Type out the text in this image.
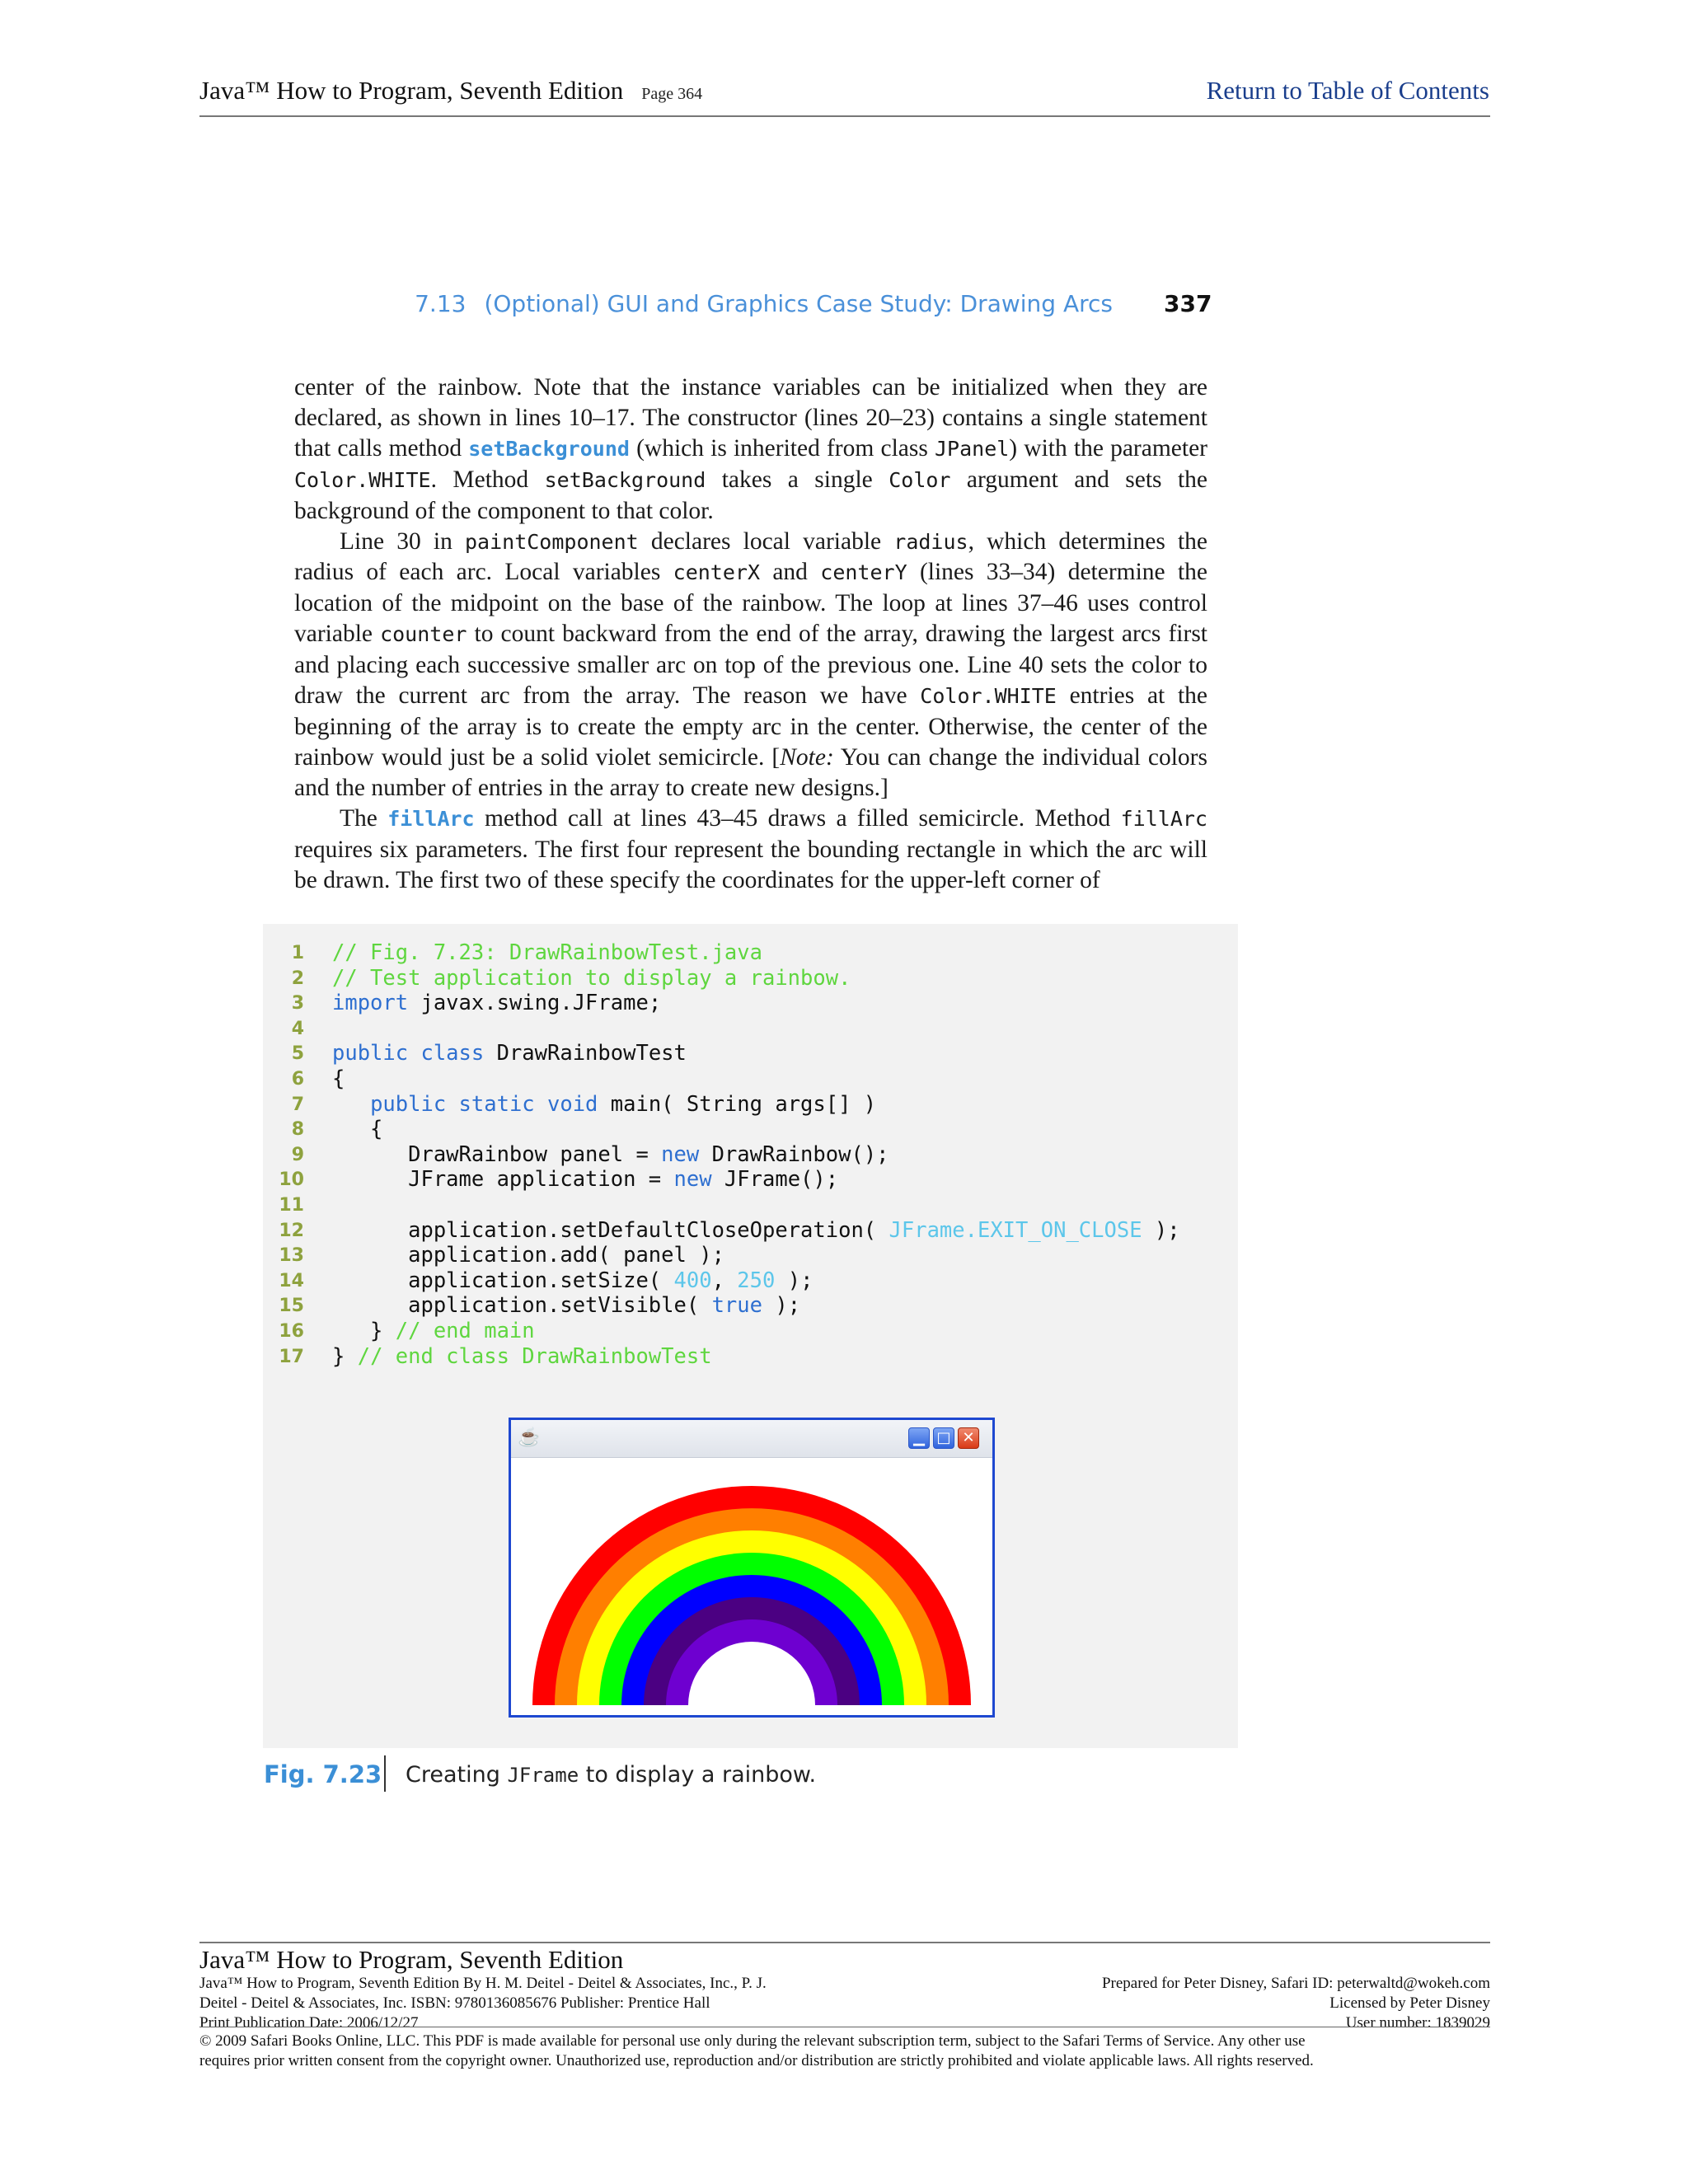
Java™ How to Program, Seventh Edition Page 364	Return to Table of Contents
7.13 (Optional) GUI and Graphics Case Study: Drawing Arcs 337

center of the rainbow. Note that the instance variables can be initialized when they are declared, as shown in lines 10–17. The constructor (lines 20–23) contains a single statement that calls method setBackground (which is inherited from class JPanel) with the parameter Color.WHITE. Method setBackground takes a single Color argument and sets the background of the component to that color.

Line 30 in paintComponent declares local variable radius, which determines the radius of each arc. Local variables centerX and centerY (lines 33–34) determine the location of the midpoint on the base of the rainbow. The loop at lines 37–46 uses control variable counter to count backward from the end of the array, drawing the largest arcs first and placing each successive smaller arc on top of the previous one. Line 40 sets the color to draw the current arc from the array. The reason we have Color.WHITE entries at the beginning of the array is to create the empty arc in the center. Otherwise, the center of the rainbow would just be a solid violet semicircle. [Note: You can change the individual colors and the number of entries in the array to create new designs.]

The fillArc method call at lines 43–45 draws a filled semicircle. Method fillArc requires six parameters. The first four represent the bounding rectangle in which the arc will be drawn. The first two of these specify the coordinates for the upper-left corner of

1 // Fig. 7.23: DrawRainbowTest.java
2 // Test application to display a rainbow.
3 import javax.swing.JFrame;
4
5 public class DrawRainbowTest
6 {
7	public static void main( String args[] )
8 {
9 DrawRainbow panel = new DrawRainbow();
10 JFrame application = new JFrame();
11
12 application.setDefaultCloseOperation( JFrame.EXIT_ON_CLOSE );
13 application.add( panel );
14 application.setSize( 400, 250 );
15 application.setVisible( true );
16 } // end main
17 } // end class DrawRainbowTest
☕	▁ □ ✕
Fig. 7.23 Creating JFrame to display a rainbow.
Java™ How to Program, Seventh Edition
Java™ How to Program, Seventh Edition By H. M. Deitel - Deitel & Associates, Inc., P. J.
Deitel - Deitel & Associates, Inc. ISBN: 9780136085676 Publisher: Prentice Hall
Print Publication Date: 2006/12/27
Prepared for Peter Disney, Safari ID: peterwaltd@wokeh.com
Licensed by Peter Disney
User number: 1839029
© 2009 Safari Books Online, LLC. This PDF is made available for personal use only during the relevant subscription term, subject to the Safari Terms of Service. Any other use
requires prior written consent from the copyright owner. Unauthorized use, reproduction and/or distribution are strictly prohibited and violate applicable laws. All rights reserved.
